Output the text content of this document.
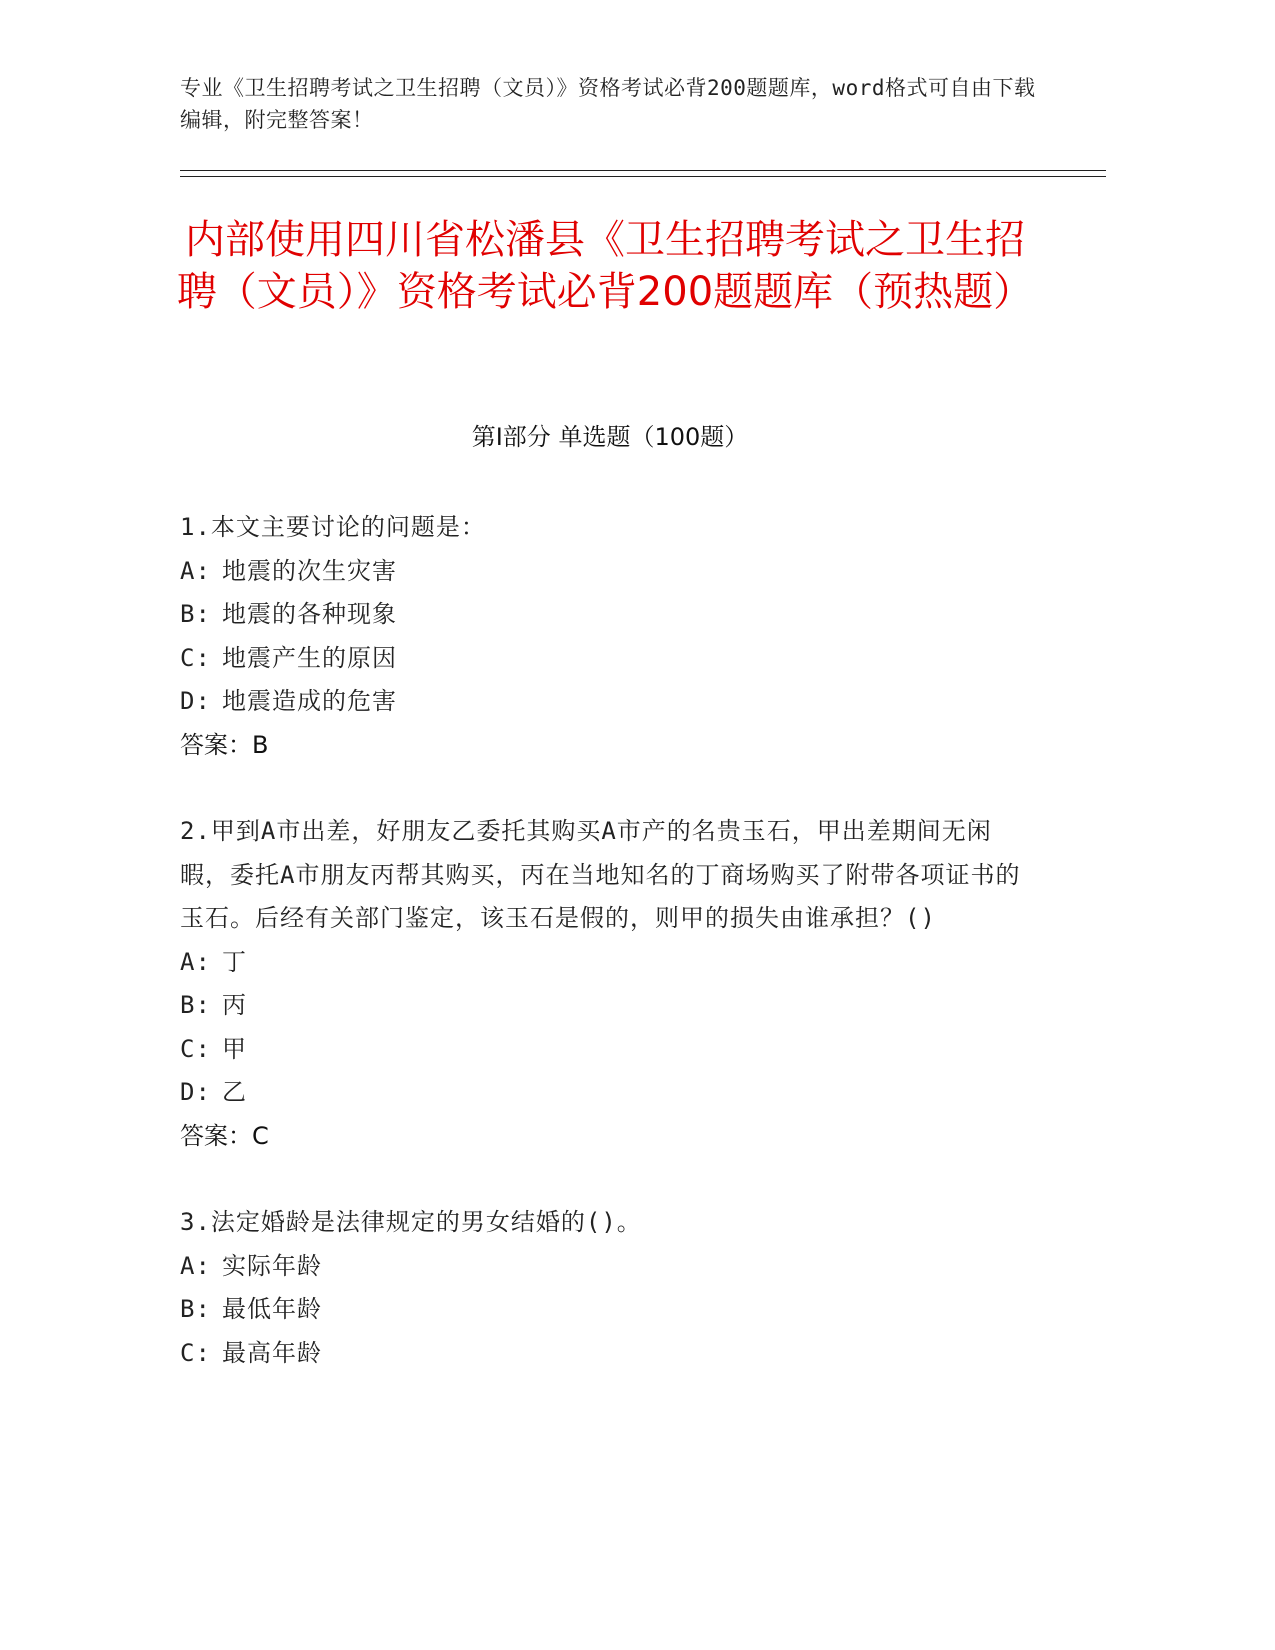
专业《卫生招聘考试之卫生招聘（文员）》资格考试必背200题题库，word格式可自由下载编辑，附完整答案！
内部使用四川省松潘县《卫生招聘考试之卫生招聘（文员）》资格考试必背200题题库（预热题）
第I部分 单选题（100题）
1.本文主要讨论的问题是：
A: 地震的次生灾害
B: 地震的各种现象
C: 地震产生的原因
D: 地震造成的危害
答案：B
2.甲到A市出差，好朋友乙委托其购买A市产的名贵玉石，甲出差期间无闲暇，委托A市朋友丙帮其购买，丙在当地知名的丁商场购买了附带各项证书的玉石。后经有关部门鉴定，该玉石是假的，则甲的损失由谁承担？()
A: 丁
B: 丙
C: 甲
D: 乙
答案：C
3.法定婚龄是法律规定的男女结婚的()。
A: 实际年龄
B: 最低年龄
C: 最高年龄
